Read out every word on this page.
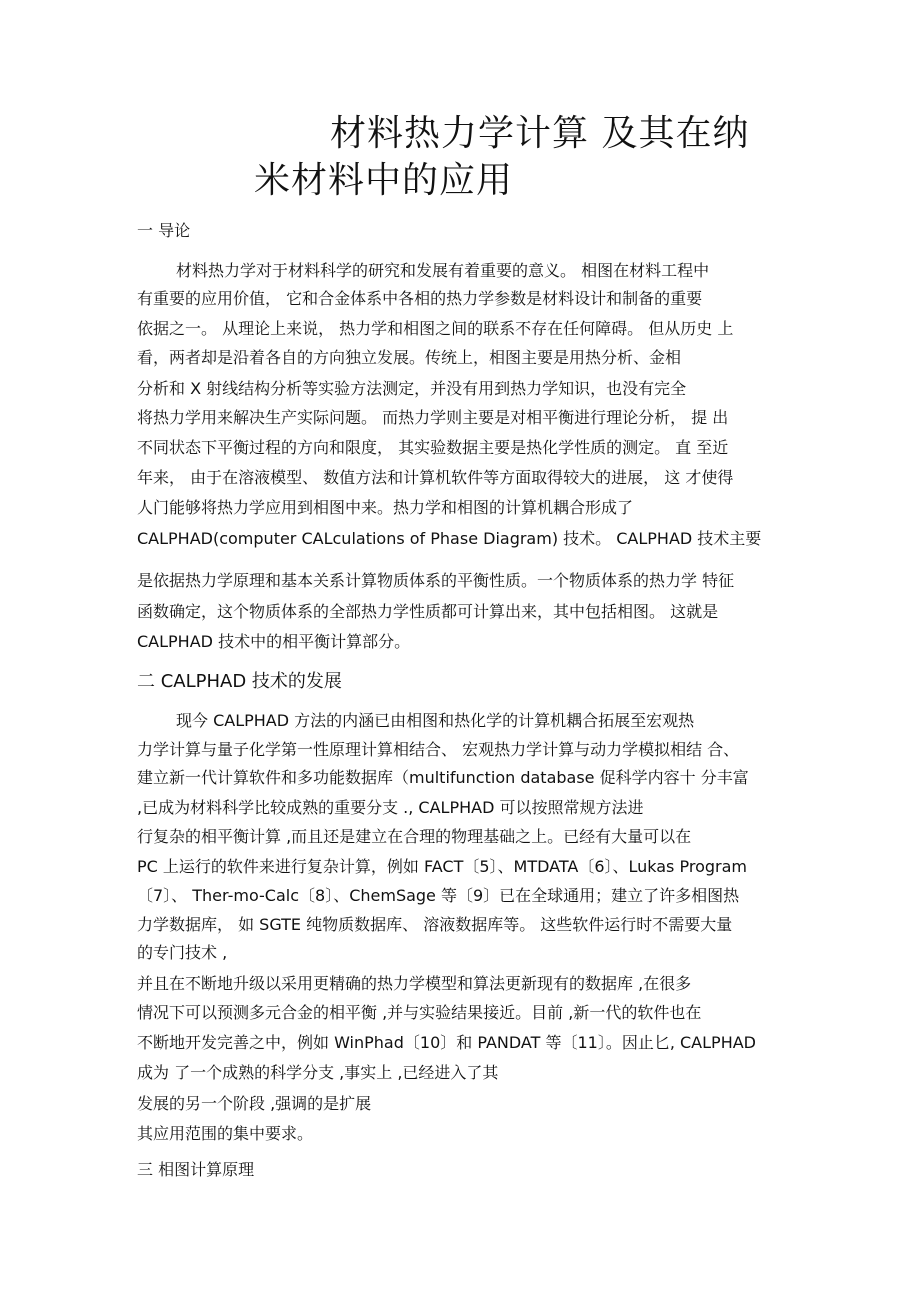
材料热力学计算 及其在纳
米材料中的应用
一 导论
材料热力学对于材料科学的研究和发展有着重要的意义。 相图在材料工程中
有重要的应用价值， 它和合金体系中各相的热力学参数是材料设计和制备的重要
依据之一。 从理论上来说， 热力学和相图之间的联系不存在任何障碍。 但从历史 上
看，两者却是沿着各自的方向独立发展。传统上，相图主要是用热分析、金相
分析和 X 射线结构分析等实验方法测定，并没有用到热力学知识，也没有完全
将热力学用来解决生产实际问题。 而热力学则主要是对相平衡进行理论分析， 提 出
不同状态下平衡过程的方向和限度， 其实验数据主要是热化学性质的测定。 直 至近
年来， 由于在溶液模型、 数值方法和计算机软件等方面取得较大的进展， 这 才使得
人门能够将热力学应用到相图中来。热力学和相图的计算机耦合形成了
CALPHAD(computer CALculations of Phase Diagram) 技术。 CALPHAD 技术主要
是依据热力学原理和基本关系计算物质体系的平衡性质。一个物质体系的热力学 特征
函数确定，这个物质体系的全部热力学性质都可计算出来，其中包括相图。 这就是
CALPHAD 技术中的相平衡计算部分。
二 CALPHAD 技术的发展
现今 CALPHAD 方法的内涵已由相图和热化学的计算机耦合拓展至宏观热
力学计算与量子化学第一性原理计算相结合、 宏观热力学计算与动力学模拟相结 合、
建立新一代计算软件和多功能数据库（multifunction database 促科学内容十 分丰富
,已成为材料科学比较成熟的重要分支 ., CALPHAD 可以按照常规方法进
行复杂的相平衡计算 ,而且还是建立在合理的物理基础之上。已经有大量可以在
PC 上运行的软件来进行复杂计算，例如 FACT〔5〕、MTDATA〔6〕、Lukas Program
〔7〕、 Ther-mo-Calc〔8〕、ChemSage 等〔9〕已在全球通用；建立了许多相图热
力学数据库， 如 SGTE 纯物质数据库、 溶液数据库等。 这些软件运行时不需要大量
的专门技术 ,
并且在不断地升级以采用更精确的热力学模型和算法更新现有的数据库 ,在很多
情况下可以预测多元合金的相平衡 ,并与实验结果接近。目前 ,新一代的软件也在
不断地开发完善之中，例如 WinPhad〔10〕和 PANDAT 等〔11〕。因止匕, CALPHAD
成为 了一个成熟的科学分支 ,事实上 ,已经进入了其
发展的另一个阶段 ,强调的是扩展
其应用范围的集中要求。
三 相图计算原理
